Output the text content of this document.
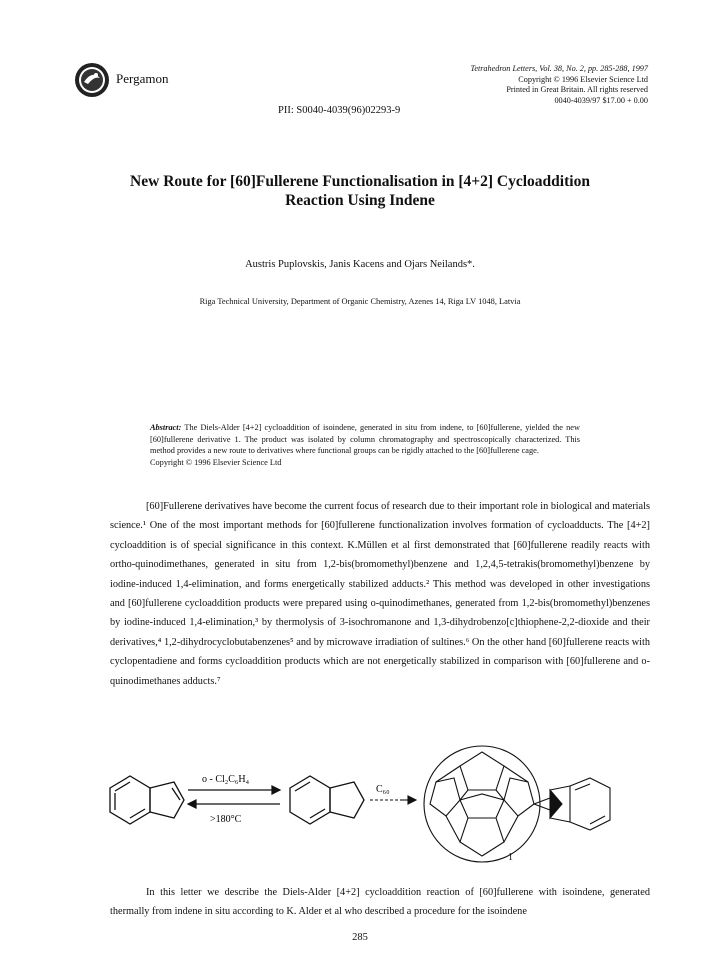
Pergamon
Tetrahedron Letters, Vol. 38, No. 2, pp. 285-288, 1997
Copyright © 1996 Elsevier Science Ltd
Printed in Great Britain. All rights reserved
0040-4039/97 $17.00 + 0.00
PII: S0040-4039(96)02293-9
New Route for [60]Fullerene Functionalisation in [4+2] Cycloaddition
Reaction Using Indene
Austris Puplovskis, Janis Kacens and Ojars Neilands*.
Riga Technical University, Department of Organic Chemistry, Azenes 14, Riga LV 1048, Latvia
Abstract: The Diels-Alder [4+2] cycloaddition of isoindene, generated in situ from indene, to [60]fullerene, yielded the new [60]fullerene derivative 1. The product was isolated by column chromatography and spectroscopically characterized. This method provides a new route to derivatives where functional groups can be rigidly attached to the [60]fullerene cage.
Copyright © 1996 Elsevier Science Ltd
[60]Fullerene derivatives have become the current focus of research due to their important role in biological and materials science.¹ One of the most important methods for [60]fullerene functionalization involves formation of cycloadducts. The [4+2] cycloaddition is of special significance in this context. K.Müllen et al first demonstrated that [60]fullerene readily reacts with ortho-quinodimethanes, generated in situ from 1,2-bis(bromomethyl)benzene and 1,2,4,5-tetrakis(bromomethyl)benzene by iodine-induced 1,4-elimination, and forms energetically stabilized adducts.² This method was developed in other investigations and [60]fullerene cycloaddition products were prepared using o-quinodimethanes, generated from 1,2-bis(bromomethyl)benzenes by iodine-induced 1,4-elimination,³ by thermolysis of 3-isochromanone and 1,3-dihydrobenzo[c]thiophene-2,2-dioxide and their derivatives,⁴ 1,2-dihydrocyclobutabenzenes⁵ and by microwave irradiation of sultines.⁶ On the other hand [60]fullerene reacts with cyclopentadiene and forms cycloaddition products which are not energetically stabilized in comparison with [60]fullerene and o-quinodimethanes adducts.⁷
o - Cl₂C₆H₄
>180°C
C₆₀
1
In this letter we describe the Diels-Alder [4+2] cycloaddition reaction of [60]fullerene with isoindene, generated thermally from indene in situ according to K. Alder et al who described a procedure for the isoindene
285
